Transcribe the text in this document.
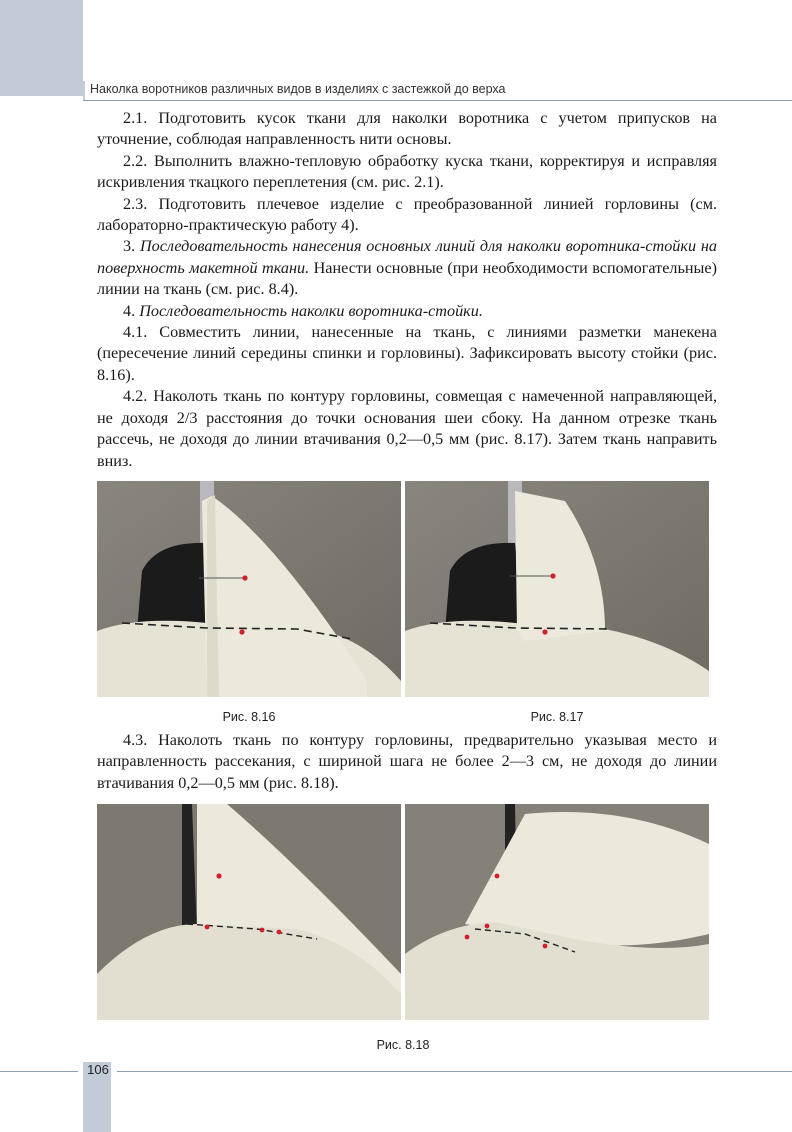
Наколка воротников различных видов в изделиях с застежкой до верха

2.1. Подготовить кусок ткани для наколки воротника с учетом припусков на уточнение, соблюдая направленность нити основы.

2.2. Выполнить влажно-тепловую обработку куска ткани, корректируя и исправляя искривления ткацкого переплетения (см. рис. 2.1).

2.3. Подготовить плечевое изделие с преобразованной линией горловины (см. лабораторно-практическую работу 4).

3. Последовательность нанесения основных линий для наколки воротника-стойки на поверхность макетной ткани. Нанести основные (при необходимости вспомогательные) линии на ткань (см. рис. 8.4).

4. Последовательность наколки воротника-стойки.

4.1. Совместить линии, нанесенные на ткань, с линиями разметки манекена (пересечение линий середины спинки и горловины). Зафиксировать высоту стойки (рис. 8.16).

4.2. Наколоть ткань по контуру горловины, совмещая с намеченной направляющей, не доходя 2/3 расстояния до точки основания шеи сбоку. На данном отрезке ткань рассечь, не доходя до линии втачивания 0,2—0,5 мм (рис. 8.17). Затем ткань направить вниз.

Рис. 8.16	Рис. 8.17

4.3. Наколоть ткань по контуру горловины, предварительно указывая место и направленность рассекания, с шириной шага не более 2—3 см, не доходя до линии втачивания 0,2—0,5 мм (рис. 8.18).

Рис. 8.18
106
